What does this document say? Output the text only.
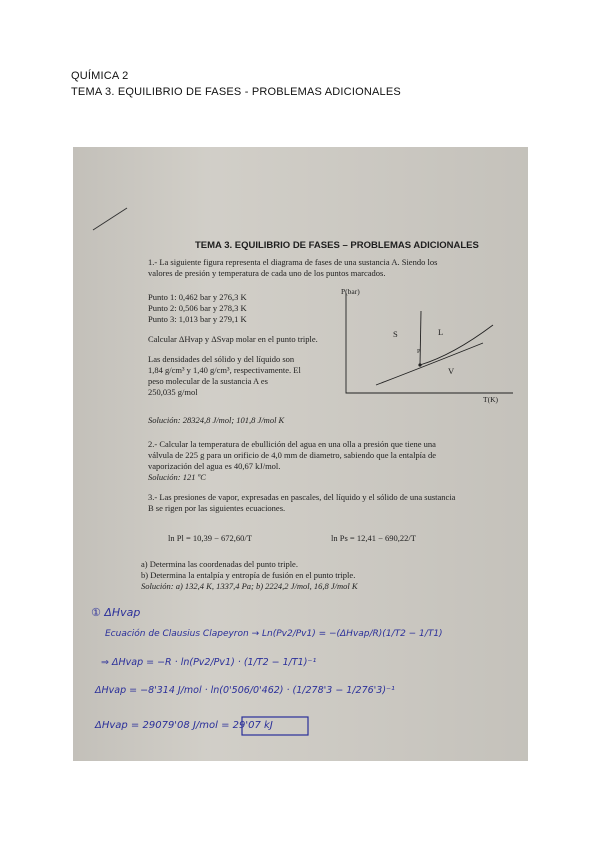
QUÍMICA 2
TEMA 3. EQUILIBRIO DE FASES - PROBLEMAS ADICIONALES
TEMA 3. EQUILIBRIO DE FASES – PROBLEMAS ADICIONALES
1.- La siguiente figura representa el diagrama de fases de una sustancia A. Siendo los
valores de presión y temperatura de cada uno de los puntos marcados.
Punto 1: 0,462 bar y 276,3 K
Punto 2: 0,506 bar y 278,3 K
Punto 3: 1,013 bar y 279,1 K
Calcular ΔHvap y ΔSvap molar en el punto triple.
Las densidades del sólido y del líquido son
1,84 g/cm³ y 1,40 g/cm³, respectivamente. El
peso molecular de la sustancia A es
250,035 g/mol
P(bar)
S	L
P
V
T(K)
Solución: 28324,8 J/mol; 101,8 J/mol K
2.- Calcular la temperatura de ebullición del agua en una olla a presión que tiene una
válvula de 225 g para un orificio de 4,0 mm de diametro, sabiendo que la entalpía de
vaporización del agua es 40,67 kJ/mol.
Solución: 121 ºC
3.- Las presiones de vapor, expresadas en pascales, del líquido y el sólido de una sustancia
B se rigen por las siguientes ecuaciones.
ln Pl = 10,39 − 672,60/T	ln Ps = 12,41 − 690,22/T
a) Determina las coordenadas del punto triple.
b) Determina la entalpía y entropía de fusión en el punto triple.
Solución: a) 132,4 K, 1337,4 Pa; b) 2224,2 J/mol, 16,8 J/mol K
① ΔHvap
Ecuación de Clausius Clapeyron → Ln(Pv2/Pv1) = −(ΔHvap/R)(1/T2 − 1/T1)
⇒ ΔHvap = −R · ln(Pv2/Pv1) · (1/T2 − 1/T1)⁻¹
ΔHvap = −8'314 J/mol · ln(0'506/0'462) · (1/278'3 − 1/276'3)⁻¹
ΔHvap = 29079'08 J/mol = 29'07 kJ
